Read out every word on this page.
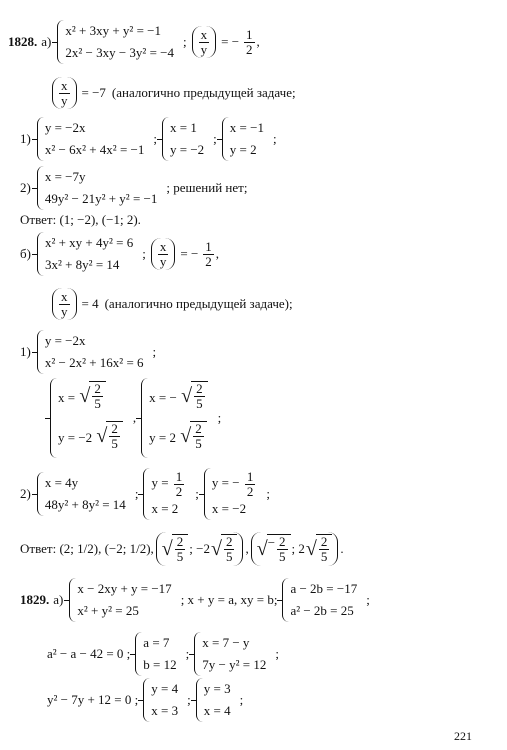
1828. а)
x² + 3xy + y² = −1
2x² − 3xy − 3y² = −4
; $\frac{x}{y}$ = − $\frac{1}{2}$ ,
$\frac{x}{y} = -7$ (аналогично предыдущей задаче;
1)
y = −2x
x² − 6x² + 4x² = −1
;
x = 1
y = −2
;
x = −1
y = 2
;
2)
x = −7y
49y² − 21y² + y² = −1
; решений нет;
Ответ: (1; −2), (−1; 2).
б)
x² + xy + 4y² = 6
3x² + 8y² = 14
; $\frac{x}{y}$ = − $\frac{1}{2}$ ,
$\frac{x}{y} = 4$ (аналогично предыдущей задаче);
1)
y = −2x
x² − 2x² + 16x² = 6
;
x = √ $\frac{2}{5}$
y = −2 √ $\frac{2}{5}$
,
x = − √ $\frac{2}{5}$
y = 2 √ $\frac{2}{5}$
;
2)
x = 4y
48y² + 8y² = 14
;
$y = \frac{1}{2}$
x = 2
;
y = − $\frac{1}{2}$
x = −2
;
Ответ: (2; 1/2), (−2; 1/2), √ $\frac{2}{5}$ ; −2 √ $\frac{2}{5}$ , √ − $\frac{2}{5}$ ; 2 √ $\frac{2}{5}$ .
1829. а)
x − 2xy + y = −17
x² + y² = 25
; x + y = a, xy = b;
a − 2b = −17
a² − 2b = 25
;
a² − a − 42 = 0 ;
a = 7
b = 12
;
x = 7 − y
7y − y² = 12
;
y² − 7y + 12 = 0 ;
y = 4
x = 3
;
y = 3
x = 4
;
221
